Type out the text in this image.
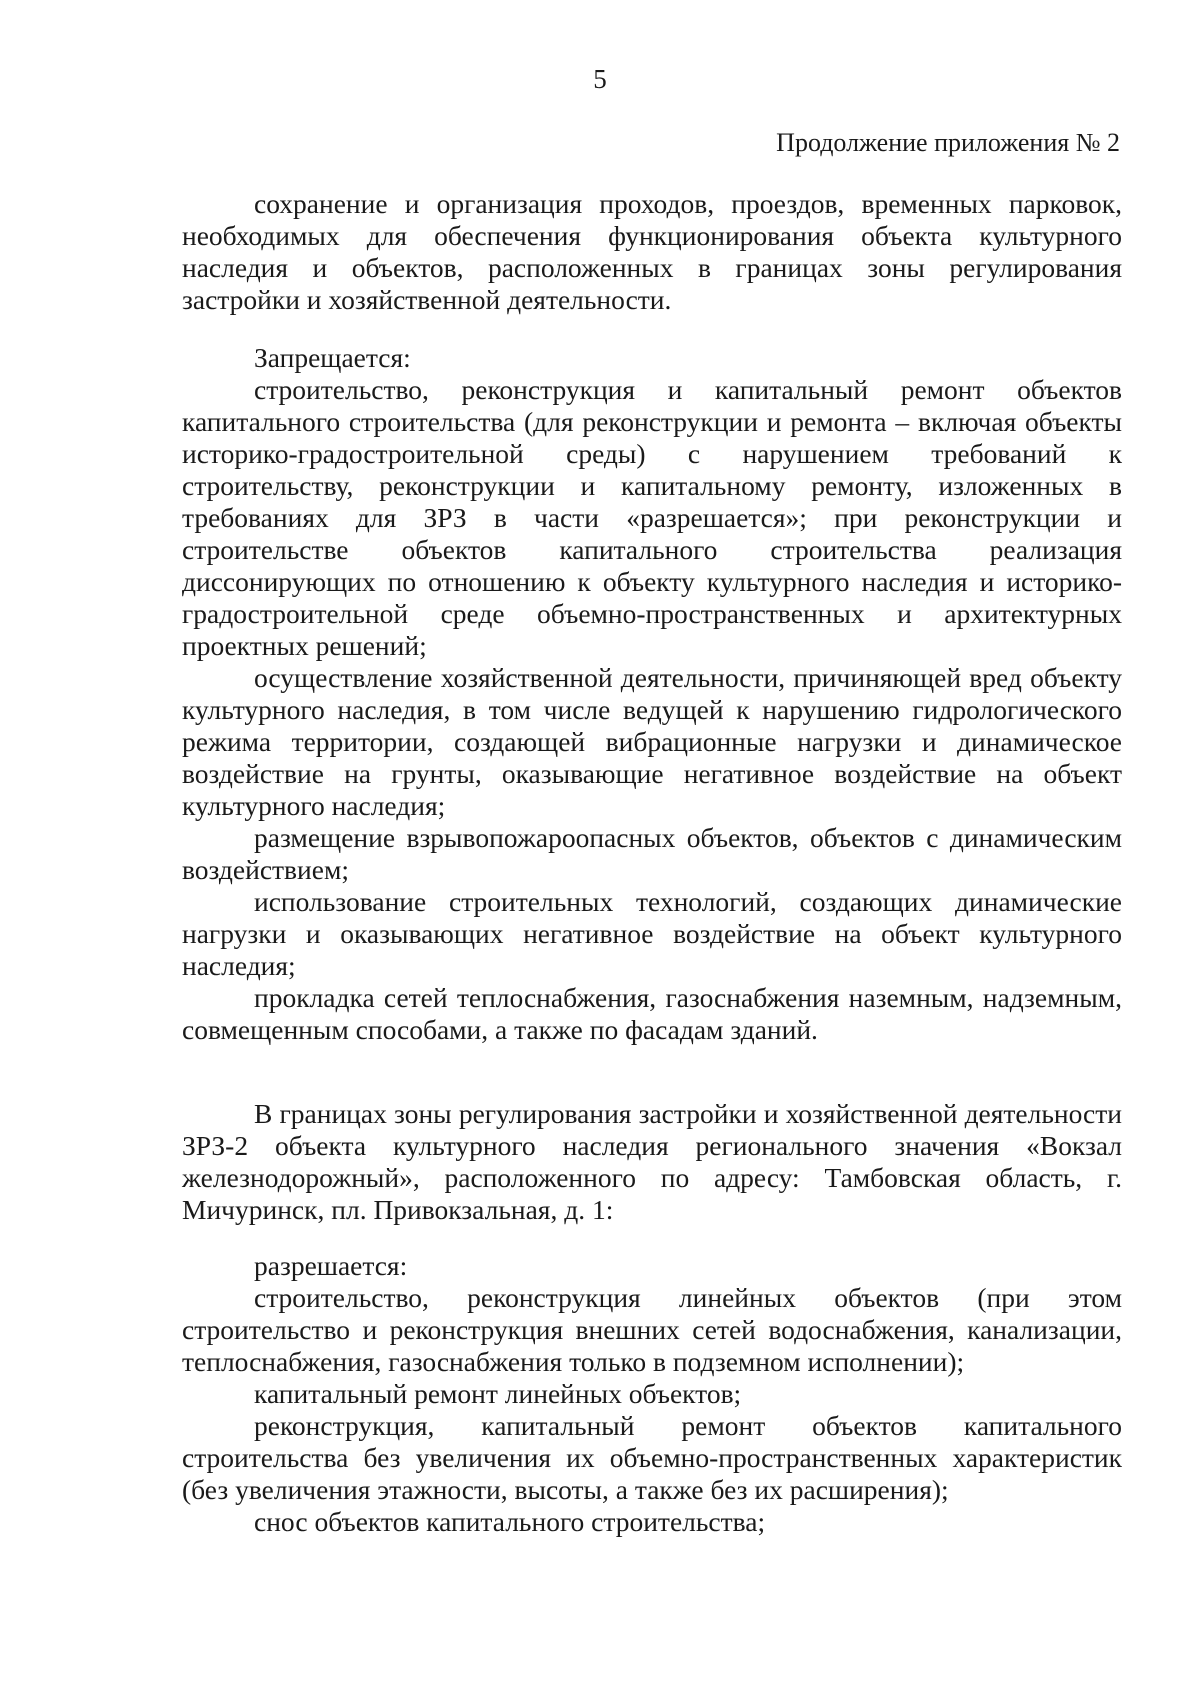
5
Продолжение приложения № 2

сохранение и организация проходов, проездов, временных парковок, необходимых для обеспечения функционирования объекта культурного наследия и объектов, расположенных в границах зоны регулирования застройки и хозяйственной деятельности.

Запрещается:

строительство, реконструкция и капитальный ремонт объектов капитального строительства (для реконструкции и ремонта – включая объекты историко-градостроительной среды) с нарушением требований к строительству, реконструкции и капитальному ремонту, изложенных в требованиях для ЗРЗ в части «разрешается»; при реконструкции и строительстве объектов капитального строительства реализация диссонирующих по отношению к объекту культурного наследия и историко-градостроительной среде объемно-пространственных и архитектурных проектных решений;

осуществление хозяйственной деятельности, причиняющей вред объекту культурного наследия, в том числе ведущей к нарушению гидрологического режима территории, создающей вибрационные нагрузки и динамическое воздействие на грунты, оказывающие негативное воздействие на объект культурного наследия;

размещение взрывопожароопасных объектов, объектов с динамическим воздействием;

использование строительных технологий, создающих динамические нагрузки и оказывающих негативное воздействие на объект культурного наследия;

прокладка сетей теплоснабжения, газоснабжения наземным, надземным, совмещенным способами, а также по фасадам зданий.

В границах зоны регулирования застройки и хозяйственной деятельности ЗРЗ-2 объекта культурного наследия регионального значения «Вокзал железнодорожный», расположенного по адресу: Тамбовская область, г. Мичуринск, пл. Привокзальная, д. 1:

разрешается:

строительство, реконструкция линейных объектов (при этом строительство и реконструкция внешних сетей водоснабжения, канализации, теплоснабжения, газоснабжения только в подземном исполнении);

капитальный ремонт линейных объектов;

реконструкция, капитальный ремонт объектов капитального строительства без увеличения их объемно-пространственных характеристик (без увеличения этажности, высоты, а также без их расширения);

снос объектов капитального строительства;
